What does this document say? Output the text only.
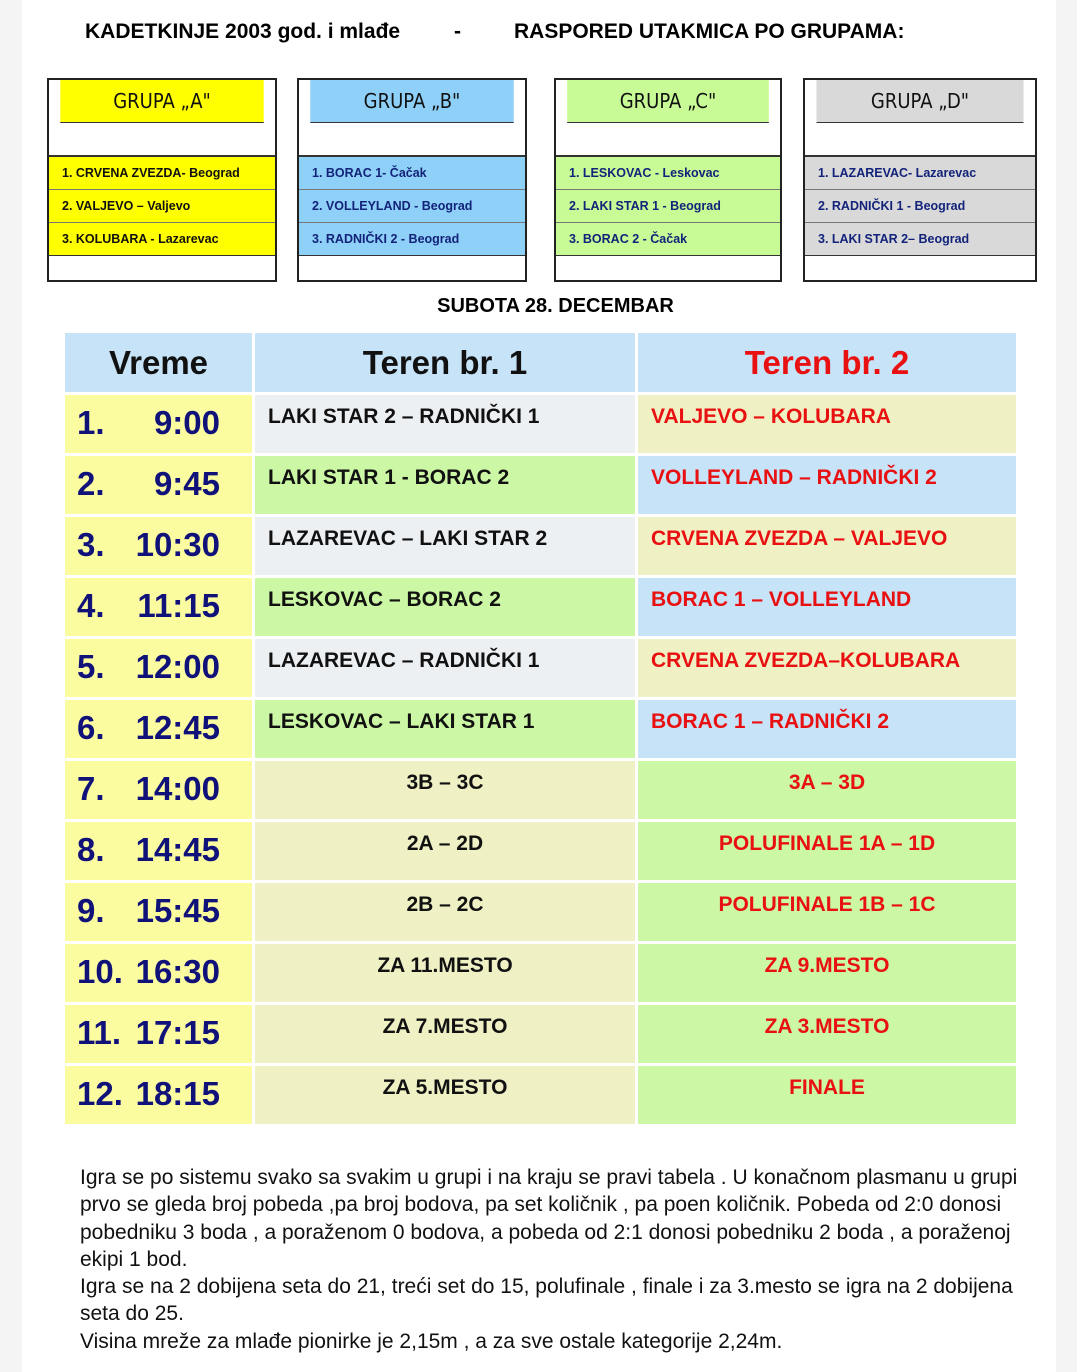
KADETKINJE 2003 god. i mlađe	-	RASPORED UTAKMICA PO GRUPAMA:
GRUPA „A"
1. CRVENA ZVEZDA- Beograd
2. VALJEVO – Valjevo
3. KOLUBARA - Lazarevac
GRUPA „B"
1. BORAC 1- Čačak
2. VOLLEYLAND - Beograd
3. RADNIČKI 2 - Beograd
GRUPA „C"
1. LESKOVAC - Leskovac
2. LAKI STAR 1 - Beograd
3. BORAC 2 - Čačak
GRUPA „D"
1. LAZAREVAC- Lazarevac
2. RADNIČKI 1 - Beograd
3. LAKI STAR 2– Beograd
SUBOTA 28. DECEMBAR
Vreme	Teren br. 1	Teren br. 2

1. 9:00	LAKI STAR 2 – RADNIČKI 1	VALJEVO – KOLUBARA

2. 9:45	LAKI STAR 1 - BORAC 2	VOLLEYLAND – RADNIČKI 2

3. 10:30	LAZAREVAC – LAKI STAR 2	CRVENA ZVEZDA – VALJEVO

4. 11:15	LESKOVAC – BORAC 2	BORAC 1 – VOLLEYLAND

5. 12:00	LAZAREVAC – RADNIČKI 1	CRVENA ZVEZDA–KOLUBARA

6. 12:45	LESKOVAC – LAKI STAR 1	BORAC 1 – RADNIČKI 2

7. 14:00	3B – 3C	3A – 3D

8. 14:45	2A – 2D	POLUFINALE 1A – 1D

9. 15:45	2B – 2C	POLUFINALE 1B – 1C

10. 16:30	ZA 11.MESTO	ZA 9.MESTO

11. 17:15	ZA 7.MESTO	ZA 3.MESTO

12. 18:15	ZA 5.MESTO	FINALE

Igra se po sistemu svako sa svakim u grupi i na kraju se pravi tabela . U konačnom plasmanu u grupi prvo se gleda broj pobeda ,pa broj bodova, pa set količnik , pa poen količnik. Pobeda od 2:0 donosi pobedniku 3 boda , a poraženom 0 bodova, a pobeda od 2:1 donosi pobedniku 2 boda , a poraženoj ekipi 1 bod.

Igra se na 2 dobijena seta do 21, treći set do 15, polufinale , finale i za 3.mesto se igra na 2 dobijena seta do 25.

Visina mreže za mlađe pionirke je 2,15m , a za sve ostale kategorije 2,24m.
